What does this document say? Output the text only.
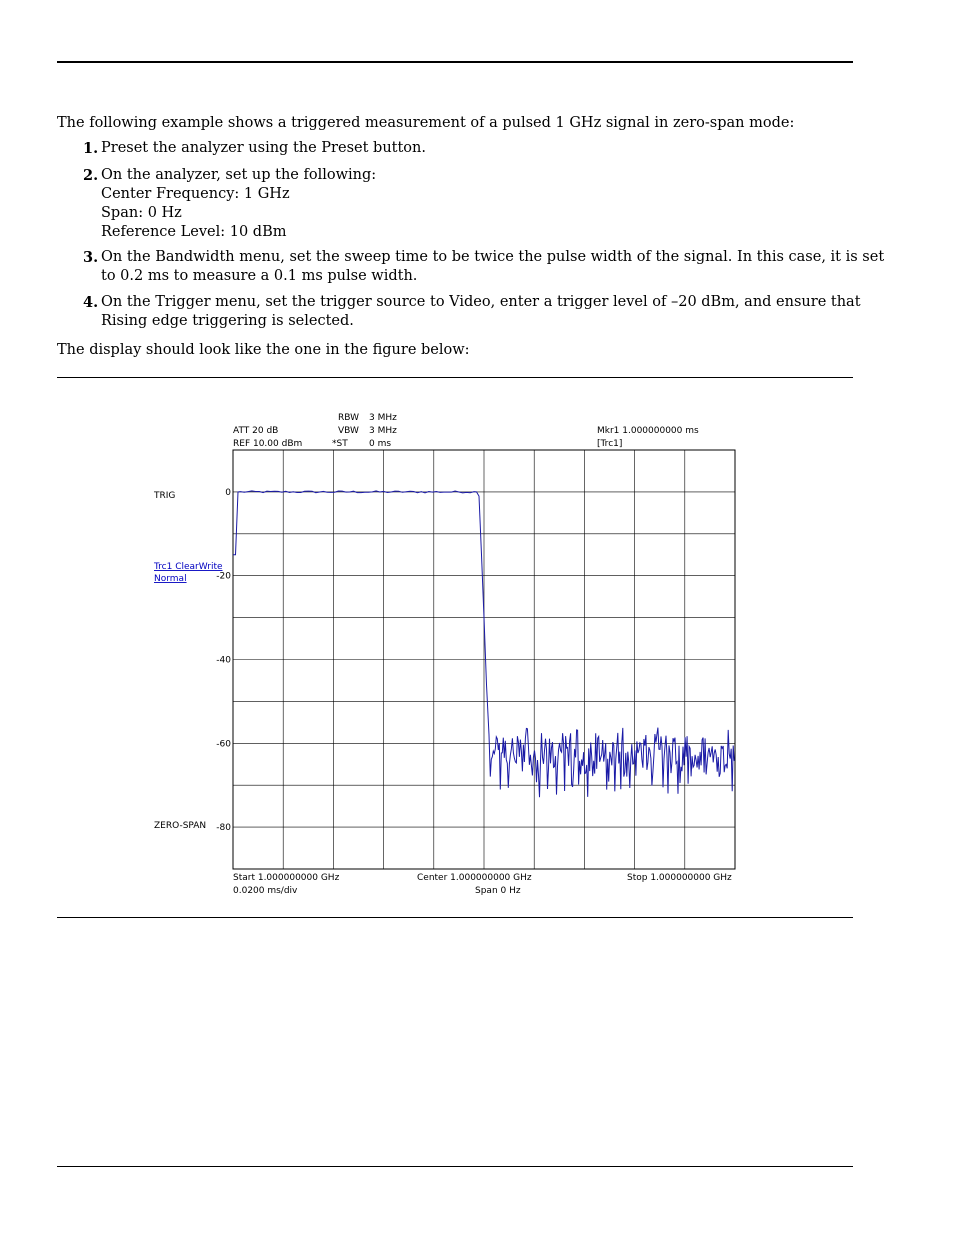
The following example shows a triggered measurement of a pulsed 1 GHz signal in zero-span mode:
1. Preset the analyzer using the Preset button.
2. On the analyzer, set up the following:
Center Frequency: 1 GHz
Span: 0 Hz
Reference Level: 10 dBm
3. On the Bandwidth menu, set the sweep time to be twice the pulse width of the signal. In this case, it is set
to 0.2 ms to measure a 0.1 ms pulse width.
4. On the Trigger menu, set the trigger source to Video, enter a trigger level of –20 dBm, and ensure that
Rising edge triggering is selected.
The display should look like the one in the figure below:
RBW 3 MHz
ATT 20 dB	VBW 3 MHz	Mkr1 1.000000000 ms
REF 10.00 dBm	*ST 0 ms	[Trc1]
TRIG
Trc1 ClearWrite
Normal
ZERO-SPAN
0
-20
-40
-60
-80
Start 1.000000000 GHz	Center 1.000000000 GHz	Stop 1.000000000 GHz
0.0200 ms/div	Span 0 Hz
